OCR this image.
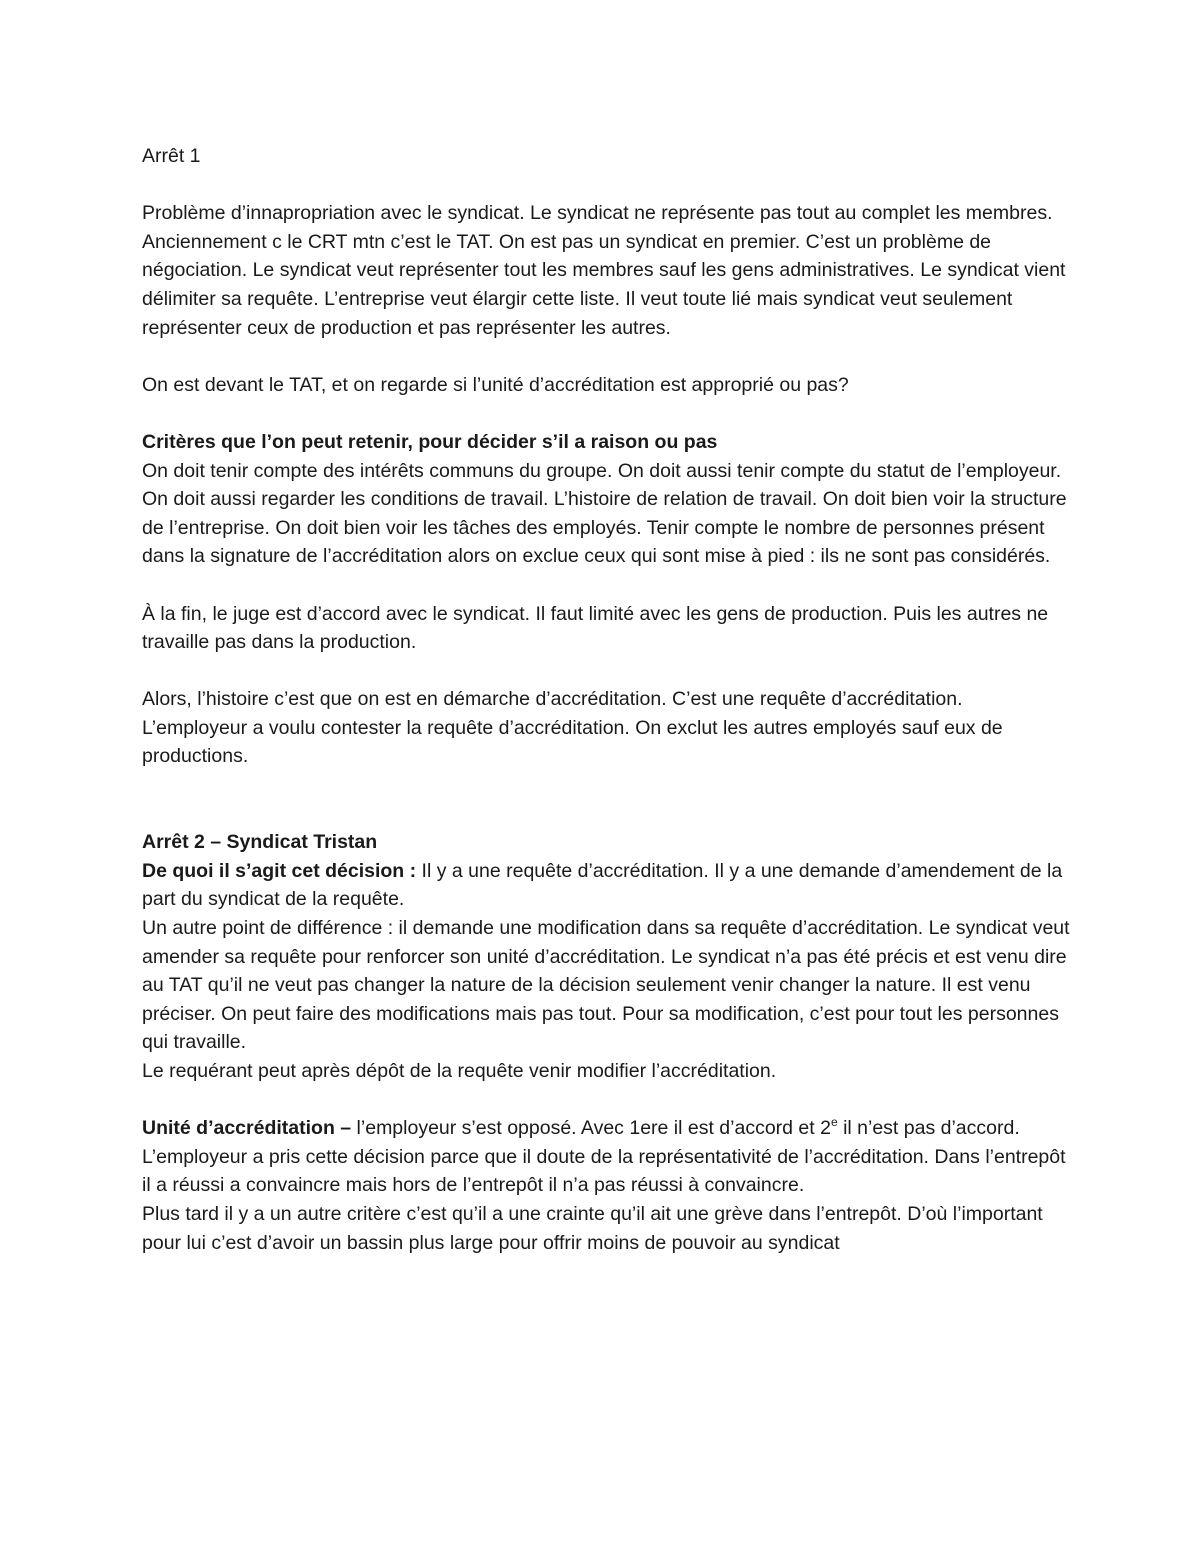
Arrêt 1

Problème d’innapropriation avec le syndicat. Le syndicat ne représente pas tout au complet les membres.

Anciennement c le CRT mtn c’est le TAT. On est pas un syndicat en premier. C’est un problème de négociation. Le syndicat veut représenter tout les membres sauf les gens administratives. Le syndicat vient délimiter sa requête. L’entreprise veut élargir cette liste. Il veut toute lié mais syndicat veut seulement représenter ceux de production et pas représenter les autres.

On est devant le TAT, et on regarde si l’unité d’accréditation est approprié ou pas?

Critères que l’on peut retenir, pour décider s’il a raison ou pas

On doit tenir compte des intérêts communs du groupe. On doit aussi tenir compte du statut de l’employeur. On doit aussi regarder les conditions de travail. L’histoire de relation de travail. On doit bien voir la structure de l’entreprise. On doit bien voir les tâches des employés. Tenir compte le nombre de personnes présent dans la signature de l’accréditation alors on exclue ceux qui sont mise à pied : ils ne sont pas considérés.

À la fin, le juge est d’accord avec le syndicat. Il faut limité avec les gens de production. Puis les autres ne travaille pas dans la production.

Alors, l’histoire c’est que on est en démarche d’accréditation. C’est une requête d’accréditation. L’employeur a voulu contester la requête d’accréditation. On exclut les autres employés sauf eux de productions.

Arrêt 2 – Syndicat Tristan

De quoi il s’agit cet décision : Il y a une requête d’accréditation. Il y a une demande d’amendement de la part du syndicat de la requête.

Un autre point de différence : il demande une modification dans sa requête d’accréditation. Le syndicat veut amender sa requête pour renforcer son unité d’accréditation. Le syndicat n’a pas été précis et est venu dire au TAT qu’il ne veut pas changer la nature de la décision seulement venir changer la nature. Il est venu préciser. On peut faire des modifications mais pas tout. Pour sa modification, c’est pour tout les personnes qui travaille.

Le requérant peut après dépôt de la requête venir modifier l’accréditation.

Unité d’accréditation – l’employeur s’est opposé. Avec 1ere il est d’accord et 2e il n’est pas d’accord. L’employeur a pris cette décision parce que il doute de la représentativité de l’accréditation. Dans l’entrepôt il a réussi a convaincre mais hors de l’entrepôt il n’a pas réussi à convaincre.

Plus tard il y a un autre critère c’est qu’il a une crainte qu’il ait une grève dans l’entrepôt. D’où l’important pour lui c’est d’avoir un bassin plus large pour offrir moins de pouvoir au syndicat
